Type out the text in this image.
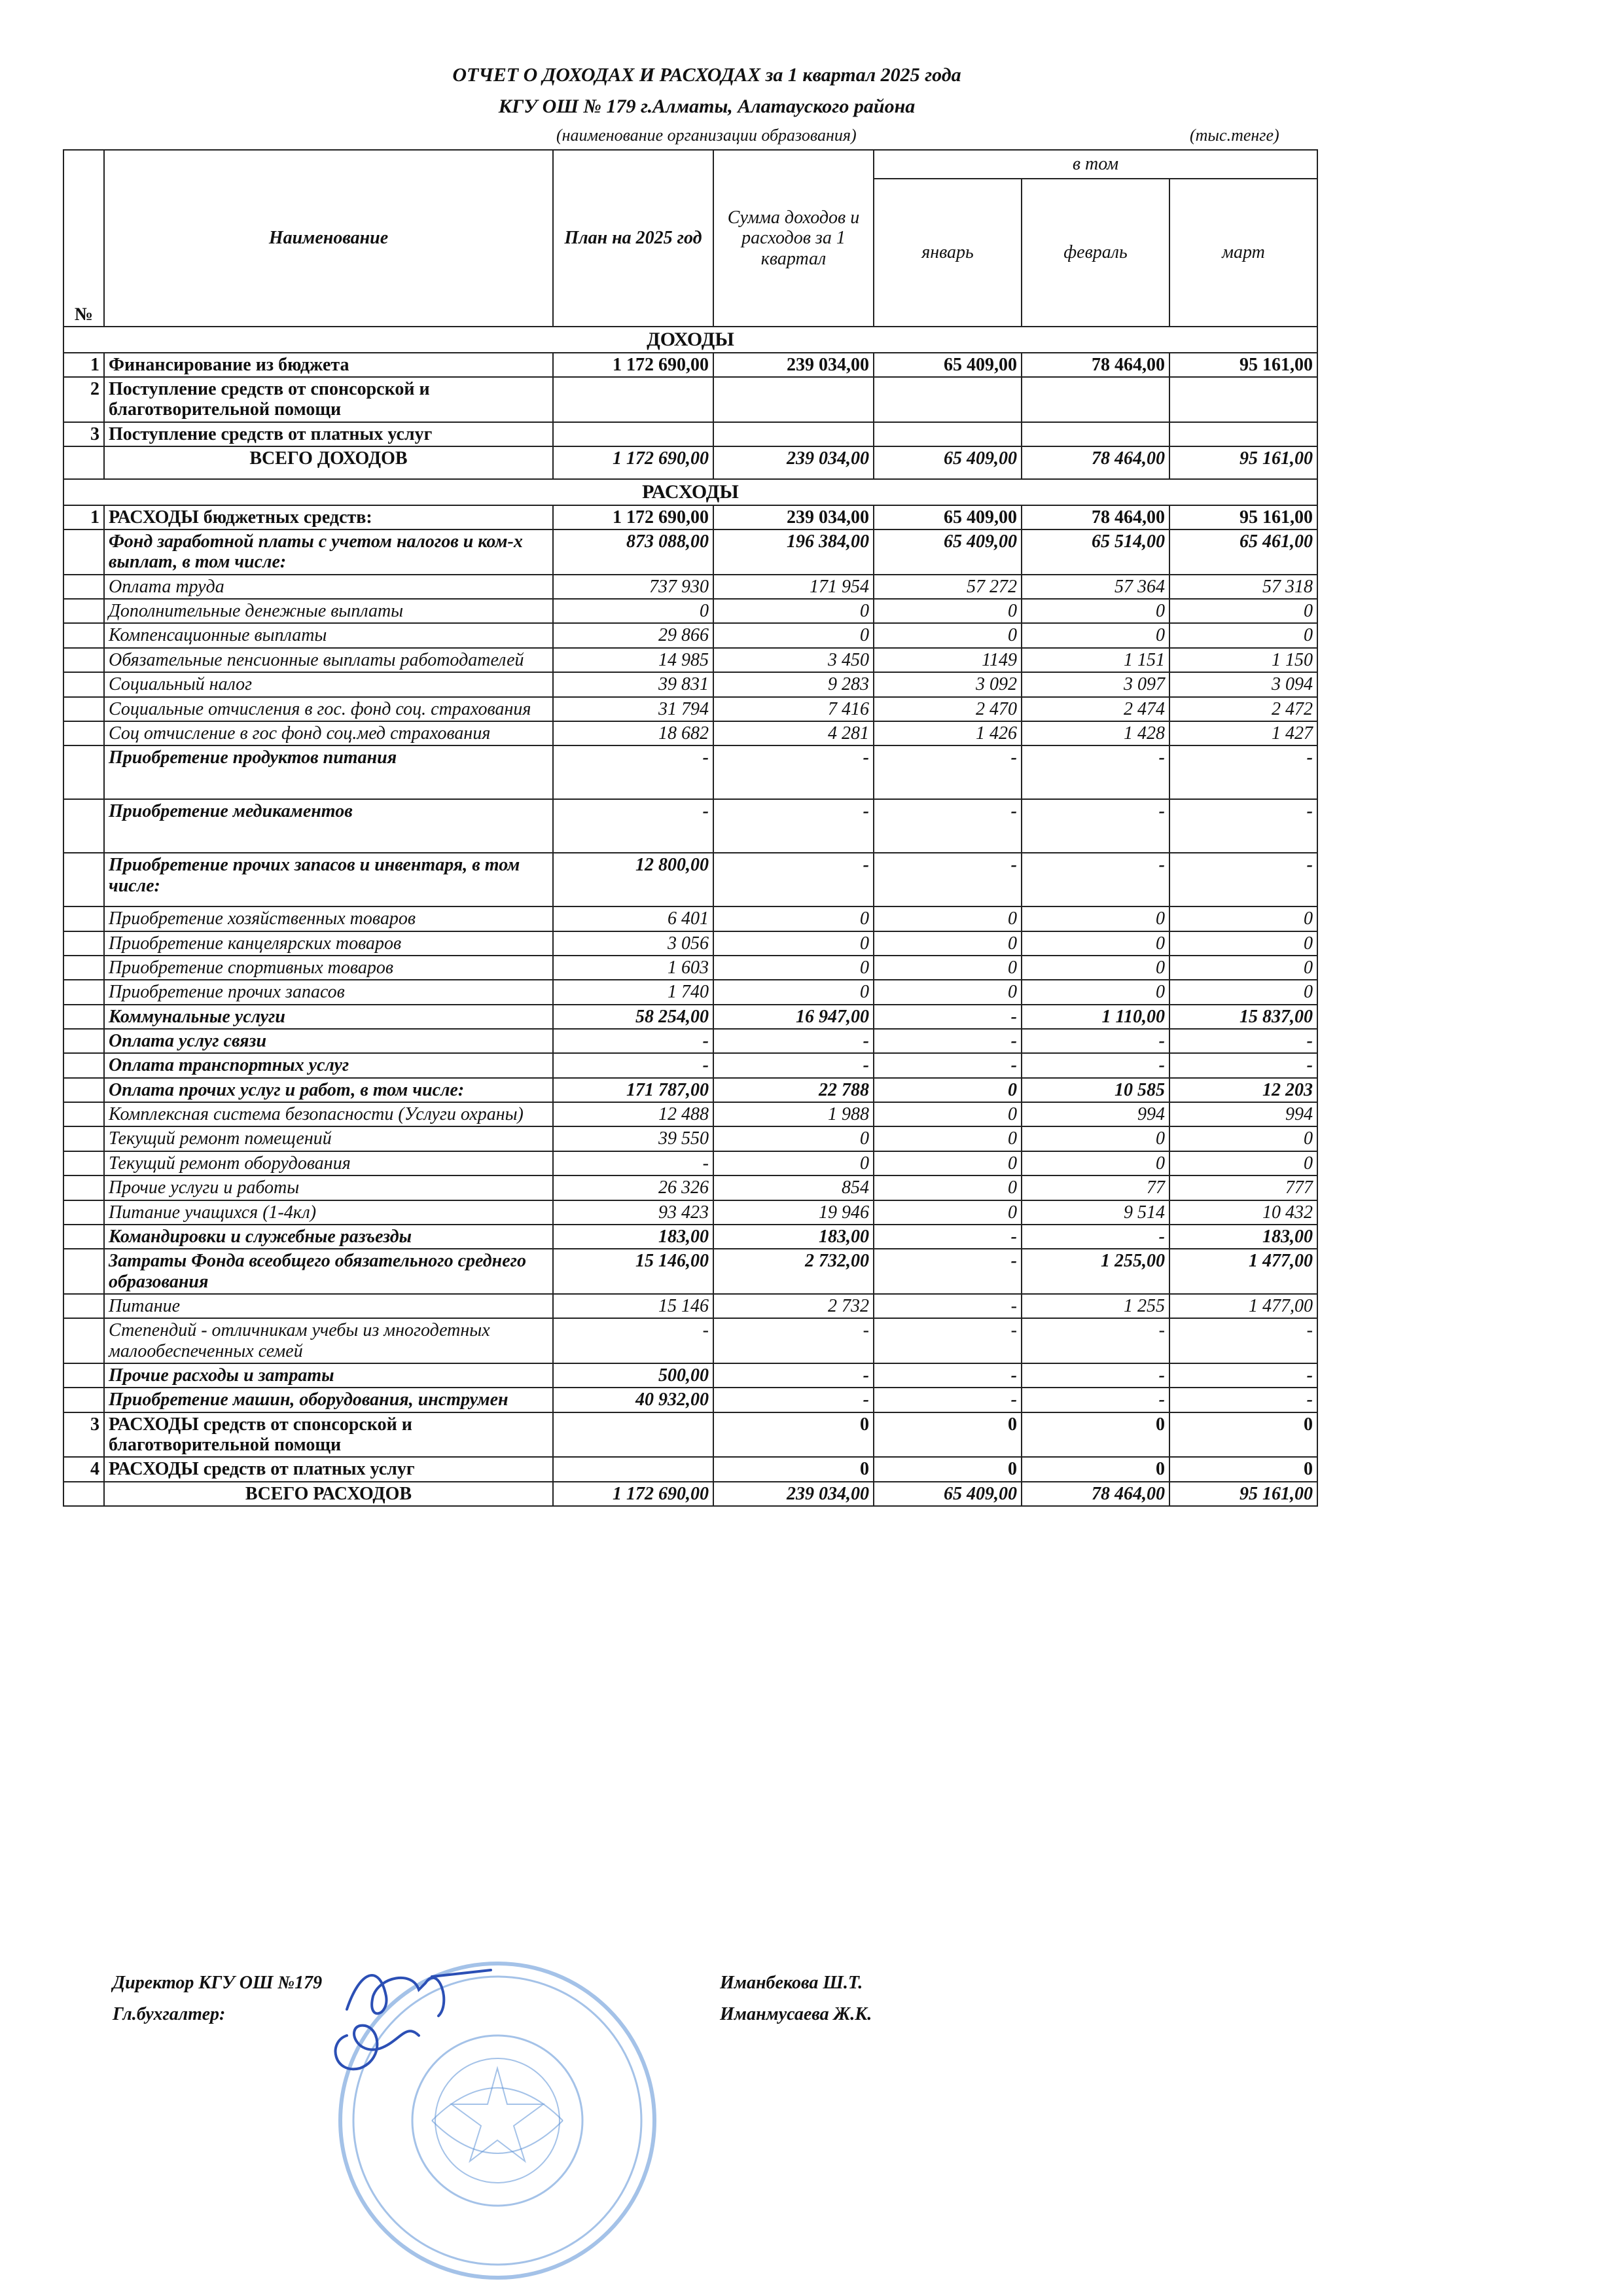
ОТЧЕТ О ДОХОДАХ И РАСХОДАХ за 1 квартал 2025 года
КГУ ОШ № 179 г.Алматы, Алатауского района
(наименование организации образования)	(тыс.тенге)
№	Наименование	План на 2025 год	Сумма доходов и расходов за 1 квартал	в том		
				январь	февраль	март
ДОХОДЫ						
1	Финансирование из бюджета	1 172 690,00	239 034,00	65 409,00	78 464,00	95 161,00
2	Поступление средств от спонсорской и благотворительной помощи					
3	Поступление средств от платных услуг					
	ВСЕГО ДОХОДОВ	1 172 690,00	239 034,00	65 409,00	78 464,00	95 161,00
РАСХОДЫ						
1	РАСХОДЫ бюджетных средств:	1 172 690,00	239 034,00	65 409,00	78 464,00	95 161,00
	Фонд заработной платы с учетом налогов и ком-х выплат, в том числе:	873 088,00	196 384,00	65 409,00	65 514,00	65 461,00
	Оплата труда	737 930	171 954	57 272	57 364	57 318
	Дополнительные денежные выплаты	0	0	0	0	0
	Компенсационные выплаты	29 866	0	0	0	0
	Обязательные пенсионные выплаты работодателей	14 985	3 450	1149	1 151	1 150
	Социальный налог	39 831	9 283	3 092	3 097	3 094
	Социальные отчисления в гос. фонд соц. страхования	31 794	7 416	2 470	2 474	2 472
	Соц отчисление в гос фонд соц.мед страхования	18 682	4 281	1 426	1 428	1 427
	Приобретение продуктов питания	-	-	-	-	-
	Приобретение медикаментов	-	-	-	-	-
	Приобретение прочих запасов и инвентаря, в том числе:	12 800,00	-	-	-	-
	Приобретение хозяйственных товаров	6 401	0	0	0	0
	Приобретение канцелярских товаров	3 056	0	0	0	0
	Приобретение спортивных товаров	1 603	0	0	0	0
	Приобретение прочих запасов	1 740	0	0	0	0
	Коммунальные услуги	58 254,00	16 947,00	-	1 110,00	15 837,00
	Оплата услуг связи	-	-	-	-	-
	Оплата транспортных услуг	-	-	-	-	-
	Оплата прочих услуг и работ, в том числе:	171 787,00	22 788	0	10 585	12 203
	Комплексная система безопасности (Услуги охраны)	12 488	1 988	0	994	994
	Текущий ремонт помещений	39 550	0	0	0	0
	Текущий ремонт оборудования	-	0	0	0	0
	Прочие услуги и работы	26 326	854	0	77	777
	Питание учащихся (1-4кл)	93 423	19 946	0	9 514	10 432
	Командировки и служебные разъезды	183,00	183,00	-	-	183,00
	Затраты Фонда всеобщего обязательного среднего образования	15 146,00	2 732,00	-	1 255,00	1 477,00
	Питание	15 146	2 732	-	1 255	1 477,00
	Степендий - отличникам учебы из многодетных малообеспеченных семей	-	-	-	-	-
	Прочие расходы и затраты	500,00	-	-	-	-
	Приобретение машин, оборудования, инструмен	40 932,00	-	-	-	-
3	РАСХОДЫ средств от спонсорской и благотворительной помощи		0	0	0	0
4	РАСХОДЫ средств от платных услуг		0	0	0	0
	ВСЕГО РАСХОДОВ	1 172 690,00	239 034,00	65 409,00	78 464,00	95 161,00
Директор КГУ ОШ №179	Иманбекова Ш.Т.
Гл.бухгалтер:	Иманмусаева Ж.К.
